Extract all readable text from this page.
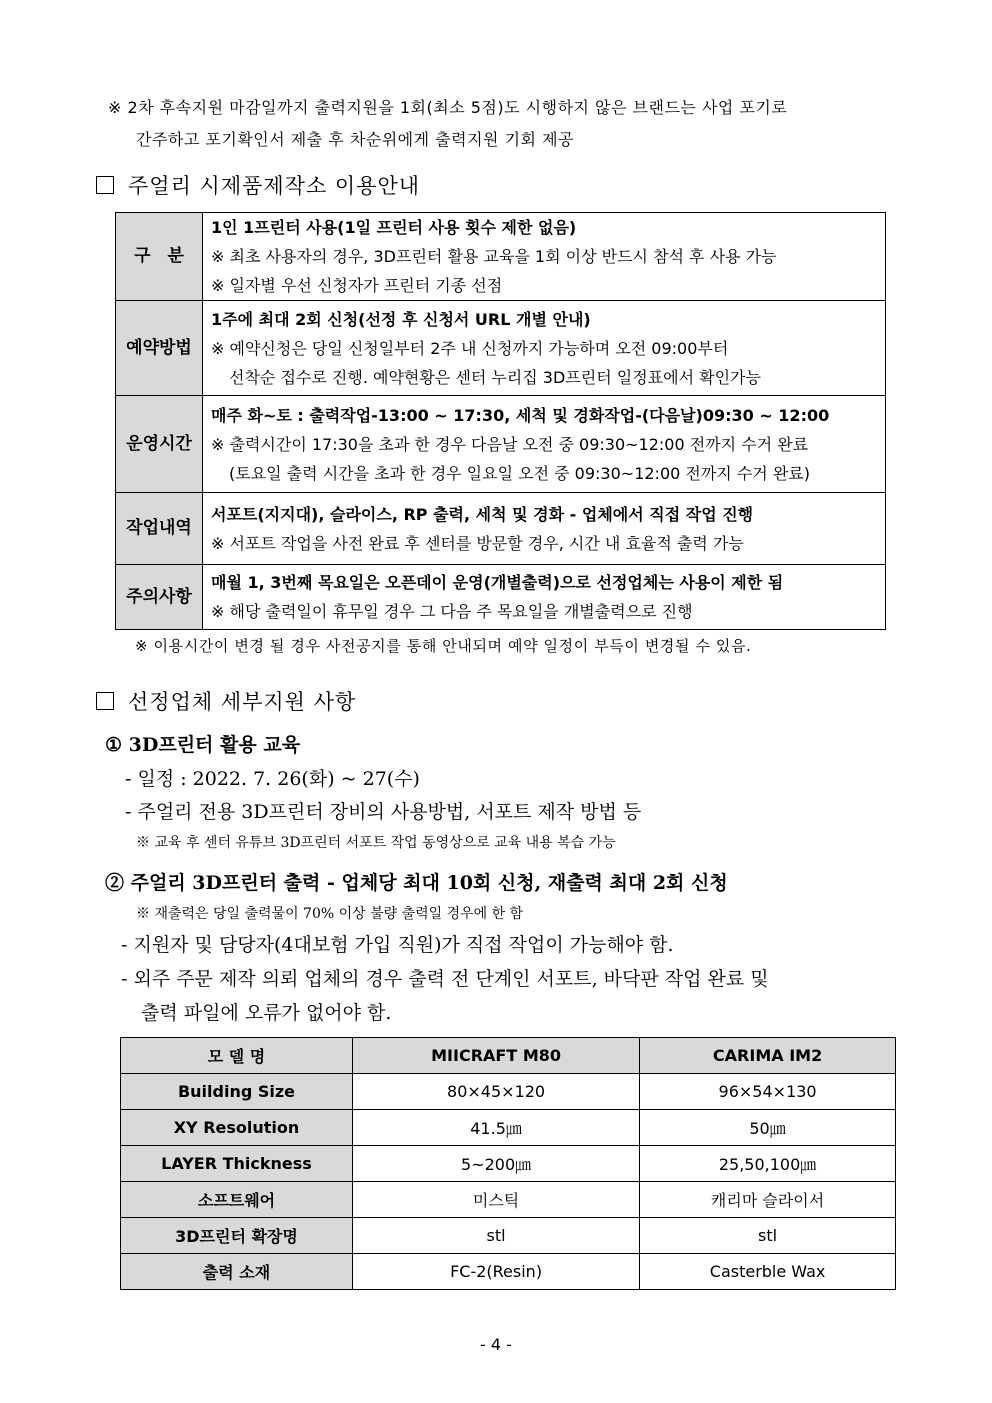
※ 2차 후속지원 마감일까지 출력지원을 1회(최소 5점)도 시행하지 않은 브랜드는 사업 포기로
간주하고 포기확인서 제출 후 차순위에게 출력지원 기회 제공
주얼리 시제품제작소 이용안내
구　분	1인 1프린터 사용(1일 프린터 사용 횟수 제한 없음)
※ 최초 사용자의 경우, 3D프린터 활용 교육을 1회 이상 반드시 참석 후 사용 가능
※ 일자별 우선 신청자가 프린터 기종 선점

예약방법	1주에 최대 2회 신청(선정 후 신청서 URL 개별 안내)
※ 예약신청은 당일 신청일부터 2주 내 신청까지 가능하며 오전 09:00부터
선착순 접수로 진행. 예약현황은 센터 누리집 3D프린터 일정표에서 확인가능

운영시간	매주 화~토 : 출력작업-13:00 ~ 17:30, 세척 및 경화작업-(다음날)09:30 ~ 12:00
※ 출력시간이 17:30을 초과 한 경우 다음날 오전 중 09:30~12:00 전까지 수거 완료
(토요일 출력 시간을 초과 한 경우 일요일 오전 중 09:30~12:00 전까지 수거 완료)

작업내역	서포트(지지대), 슬라이스, RP 출력, 세척 및 경화 - 업체에서 직접 작업 진행
※ 서포트 작업을 사전 완료 후 센터를 방문할 경우, 시간 내 효율적 출력 가능

주의사항	매월 1, 3번째 목요일은 오픈데이 운영(개별출력)으로 선정업체는 사용이 제한 됨
※ 해당 출력일이 휴무일 경우 그 다음 주 목요일을 개별출력으로 진행
※ 이용시간이 변경 될 경우 사전공지를 통해 안내되며 예약 일정이 부득이 변경될 수 있음.
선정업체 세부지원 사항
① 3D프린터 활용 교육
- 일정 : 2022. 7. 26(화) ~ 27(수)
- 주얼리 전용 3D프린터 장비의 사용방법, 서포트 제작 방법 등
※ 교육 후 센터 유튜브 3D프린터 서포트 작업 동영상으로 교육 내용 복습 가능
② 주얼리 3D프린터 출력 - 업체당 최대 10회 신청, 재출력 최대 2회 신청
※ 재출력은 당일 출력물이 70% 이상 불량 출력일 경우에 한 함
- 지원자 및 담당자(4대보험 가입 직원)가 직접 작업이 가능해야 함.
- 외주 주문 제작 의뢰 업체의 경우 출력 전 단계인 서포트, 바닥판 작업 완료 및
출력 파일에 오류가 없어야 함.
모 델 명	MIICRAFT M80	CARIMA IM2
Building Size	80×45×120	96×54×130
XY Resolution	41.5㎛	50㎛
LAYER Thickness	5~200㎛	25,50,100㎛
소프트웨어	미스틱	캐리마 슬라이서
3D프린터 확장명	stl	stl
출력 소재	FC-2(Resin)	Casterble Wax
- 4 -
